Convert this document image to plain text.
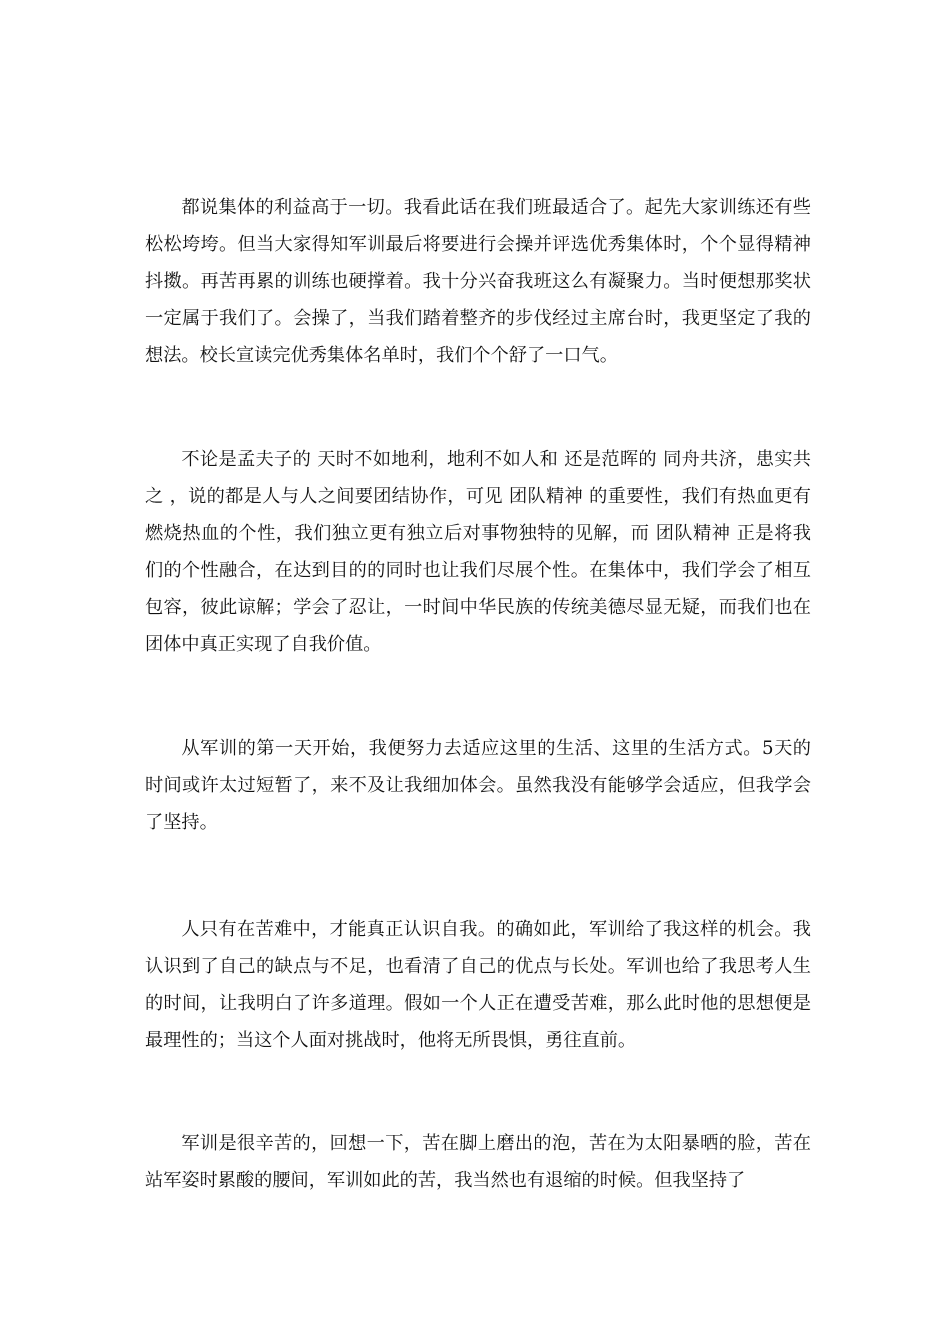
都说集体的利益高于一切。我看此话在我们班最适合了。起先大家训练还有些松松垮垮。但当大家得知军训最后将要进行会操并评选优秀集体时，个个显得精神抖擞。再苦再累的训练也硬撑着。我十分兴奋我班这么有凝聚力。当时便想那奖状一定属于我们了。会操了，当我们踏着整齐的步伐经过主席台时，我更坚定了我的想法。校长宣读完优秀集体名单时，我们个个舒了一口气。

不论是孟夫子的 天时不如地利，地利不如人和 还是范晖的 同舟共济，患实共之 ，说的都是人与人之间要团结协作，可见 团队精神 的重要性，我们有热血更有燃烧热血的个性，我们独立更有独立后对事物独特的见解，而 团队精神 正是将我们的个性融合，在达到目的的同时也让我们尽展个性。在集体中，我们学会了相互包容，彼此谅解；学会了忍让，一时间中华民族的传统美德尽显无疑，而我们也在团体中真正实现了自我价值。

从军训的第一天开始，我便努力去适应这里的生活、这里的生活方式。5天的时间或许太过短暂了，来不及让我细加体会。虽然我没有能够学会适应，但我学会了坚持。

人只有在苦难中，才能真正认识自我。的确如此，军训给了我这样的机会。我认识到了自己的缺点与不足，也看清了自己的优点与长处。军训也给了我思考人生的时间，让我明白了许多道理。假如一个人正在遭受苦难，那么此时他的思想便是最理性的；当这个人面对挑战时，他将无所畏惧，勇往直前。

军训是很辛苦的，回想一下，苦在脚上磨出的泡，苦在为太阳暴晒的脸，苦在站军姿时累酸的腰间，军训如此的苦，我当然也有退缩的时候。但我坚持了
